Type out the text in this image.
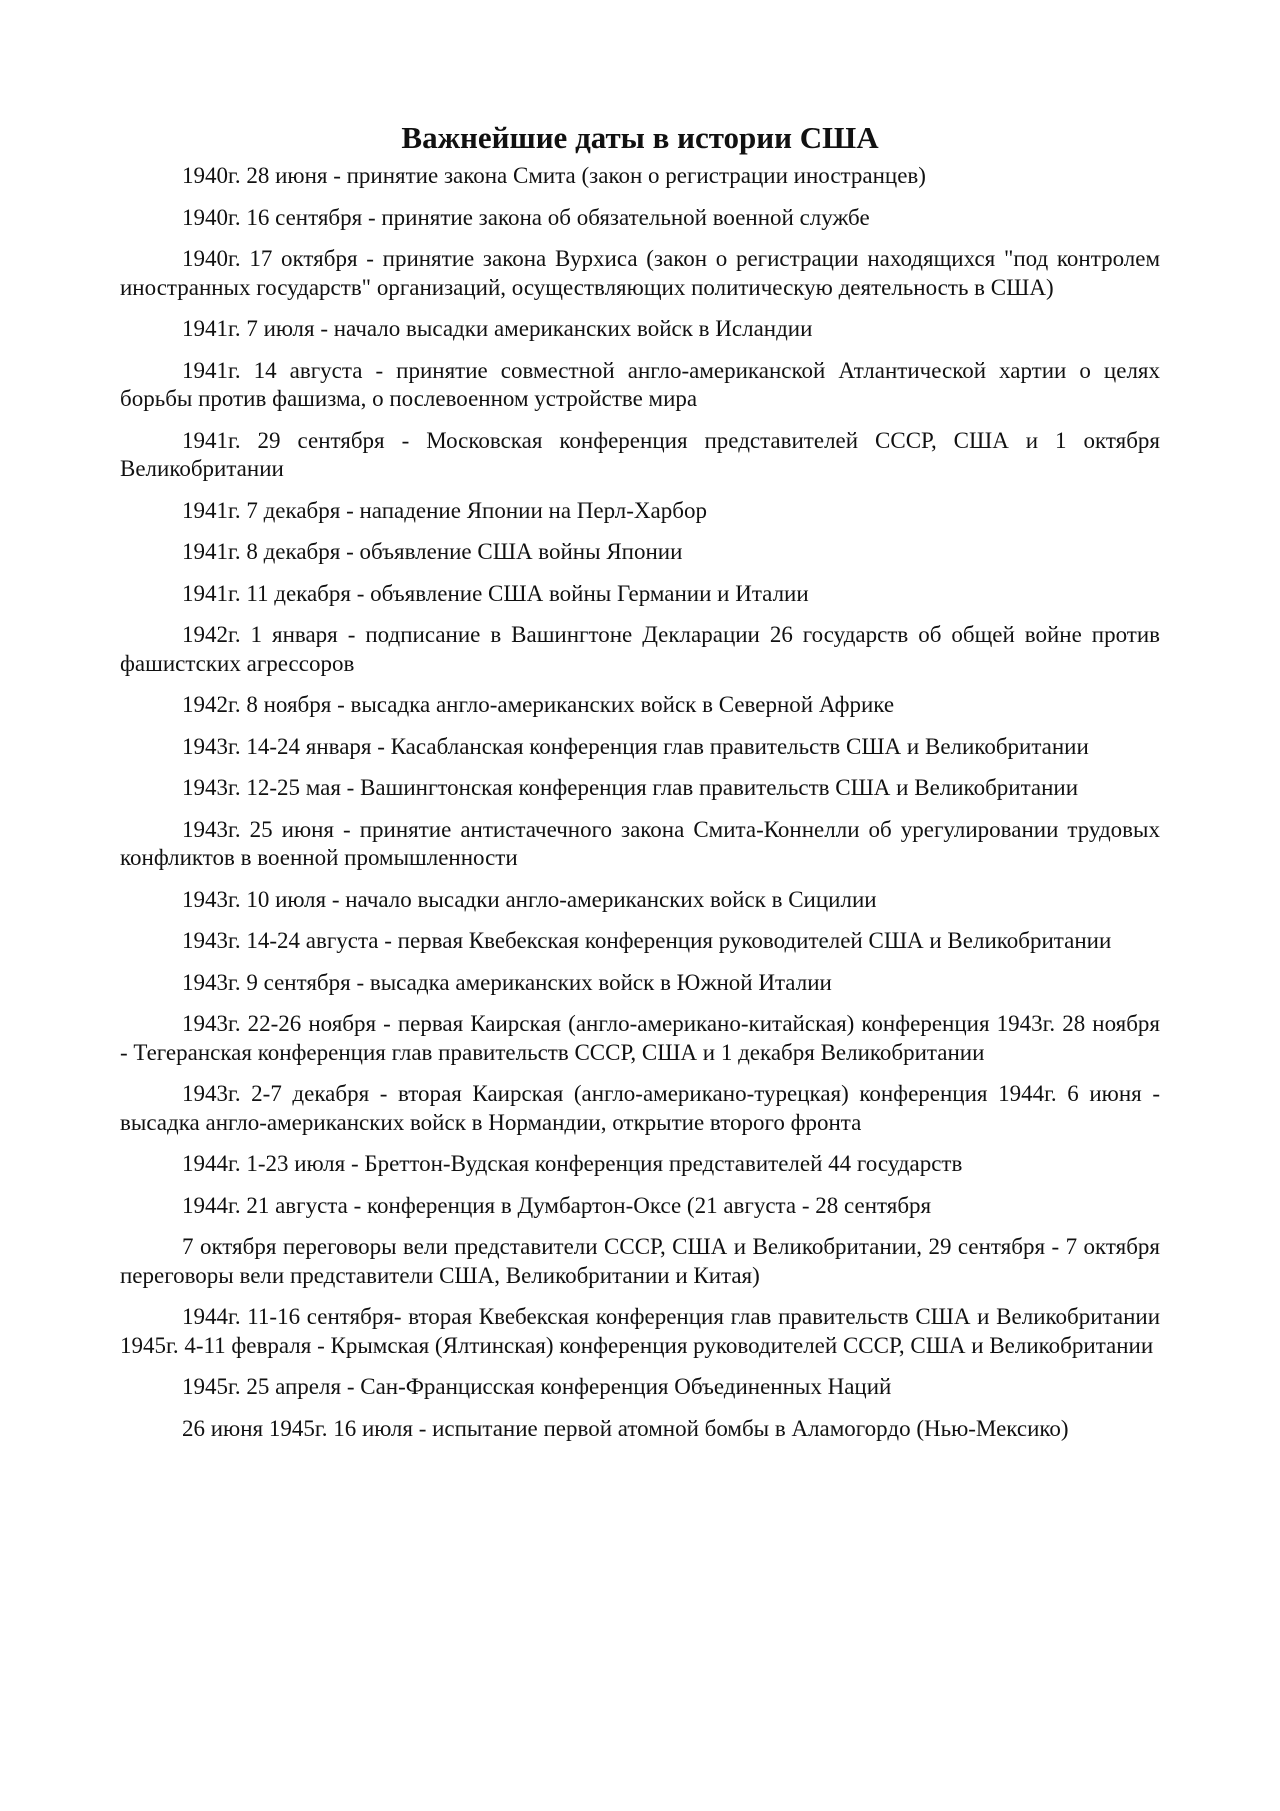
Важнейшие даты в истории США

1940г. 28 июня - принятие закона Смита (закон о регистрации иностранцев)

1940г. 16 сентября - принятие закона об обязательной военной службе

1940г. 17 октября - принятие закона Вурхиса (закон о регистрации находящихся "под контролем иностранных государств" организаций, осуществляющих политическую деятельность в США)

1941г. 7 июля - начало высадки американских войск в Исландии

1941г. 14 августа - принятие совместной англо-американской Атлантической хартии о целях борьбы против фашизма, о послевоенном устройстве мира

1941г. 29 сентября - Московская конференция представителей СССР, США и 1 октября Великобритании

1941г. 7 декабря - нападение Японии на Перл-Харбор

1941г. 8 декабря - объявление США войны Японии

1941г. 11 декабря - объявление США войны Германии и Италии

1942г. 1 января - подписание в Вашингтоне Декларации 26 государств об общей войне против фашистских агрессоров

1942г. 8 ноября - высадка англо-американских войск в Северной Африке

1943г. 14-24 января - Касабланская конференция глав правительств США и Великобритании

1943г. 12-25 мая - Вашингтонская конференция глав правительств США и Великобритании

1943г. 25 июня - принятие антистачечного закона Смита-Коннелли об урегулировании трудовых конфликтов в военной промышленности

1943г. 10 июля - начало высадки англо-американских войск в Сицилии

1943г. 14-24 августа - первая Квебекская конференция руководителей США и Великобритании

1943г. 9 сентября - высадка американских войск в Южной Италии

1943г. 22-26 ноября - первая Каирская (англо-американо-китайская) конференция 1943г. 28 ноября - Тегеранская конференция глав правительств СССР, США и 1 декабря Великобритании

1943г. 2-7 декабря - вторая Каирская (англо-американо-турецкая) конференция 1944г. 6 июня - высадка англо-американских войск в Нормандии, открытие второго фронта

1944г. 1-23 июля - Бреттон-Вудская конференция представителей 44 государств

1944г. 21 августа - конференция в Думбартон-Оксе (21 августа - 28 сентября

7 октября переговоры вели представители СССР, США и Великобритании, 29 сентября - 7 октября переговоры вели представители США, Великобритании и Китая)

1944г. 11-16 сентября- вторая Квебекская конференция глав правительств США и Великобритании 1945г. 4-11 февраля - Крымская (Ялтинская) конференция руководителей СССР, США и Великобритании

1945г. 25 апреля - Сан-Францисская конференция Объединенных Наций

26 июня 1945г. 16 июля - испытание первой атомной бомбы в Аламогордо (Нью-Мексико)
